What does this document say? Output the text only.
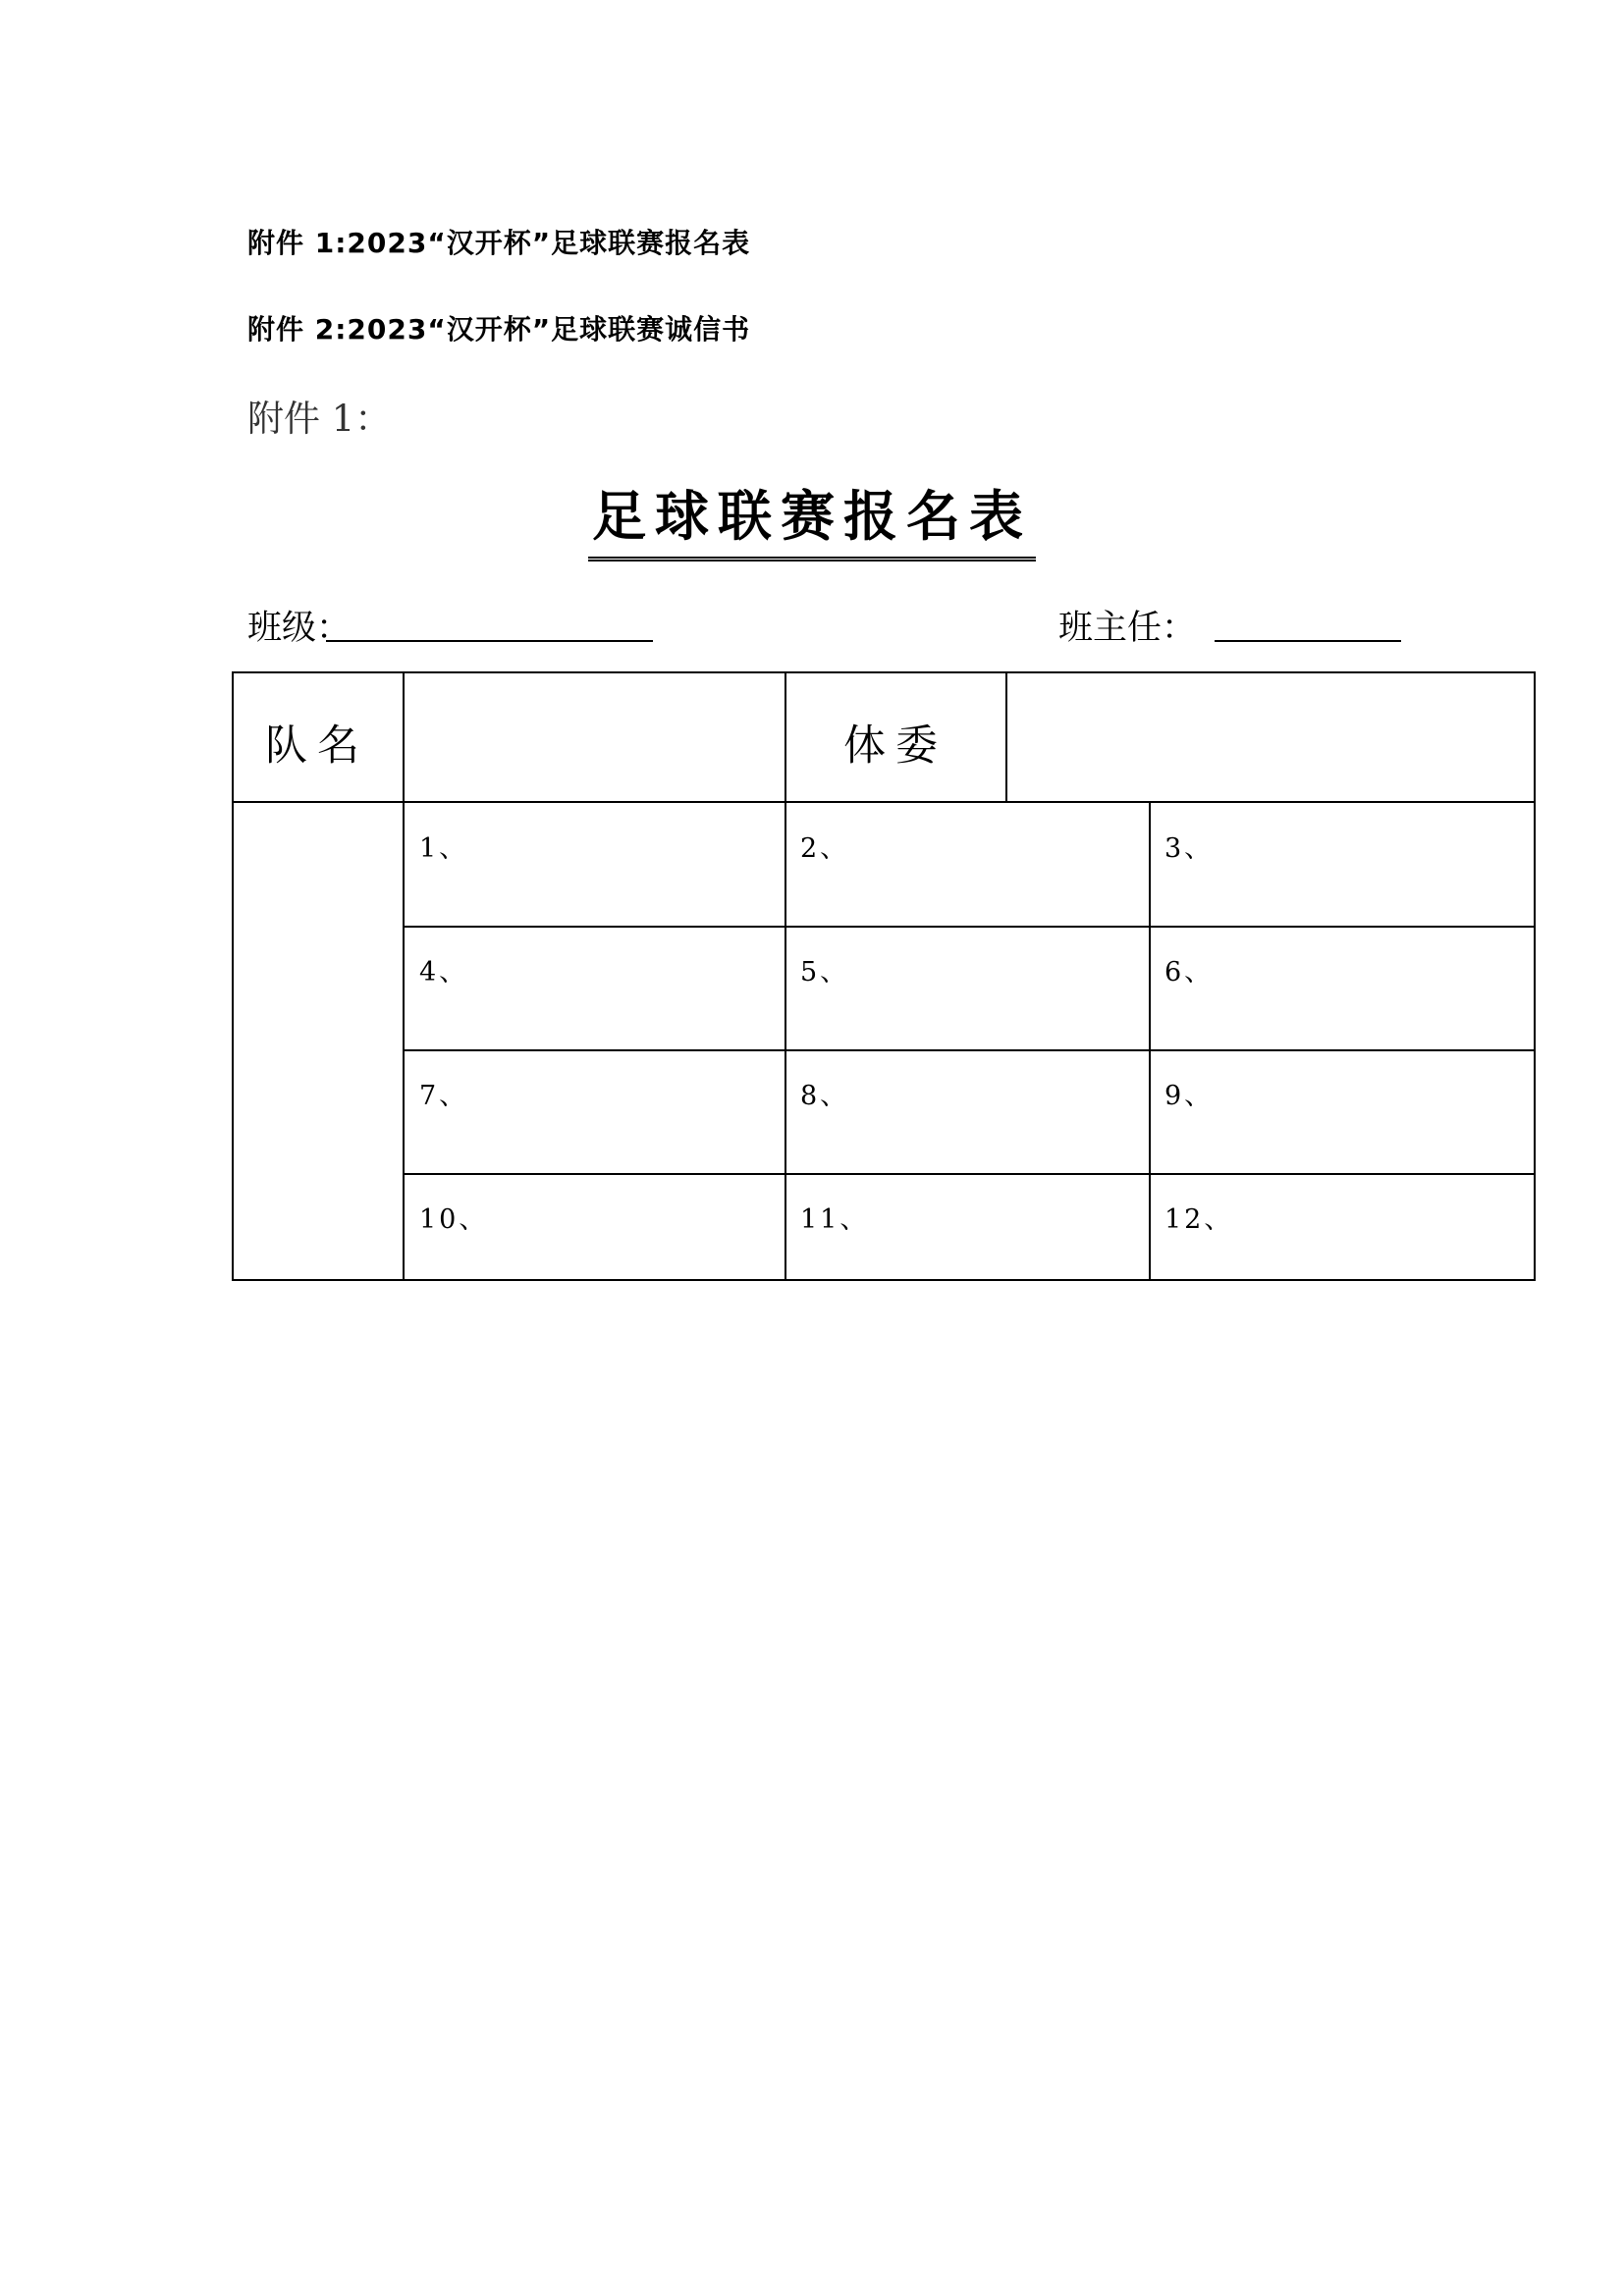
附件 1:2023“汉开杯”足球联赛报名表
附件 2:2023“汉开杯”足球联赛诚信书
附件 1：
足球联赛报名表
班级：	班主任：
队名	体委
1、	2、	3、
4、	5、	6、
7、	8、	9、
10、	11、	12、
